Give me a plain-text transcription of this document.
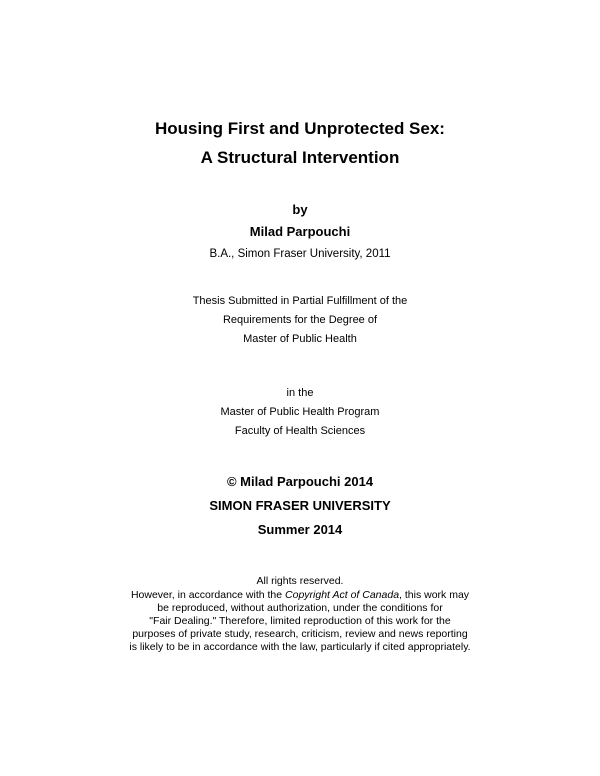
Housing First and Unprotected Sex:
A Structural Intervention
by
Milad Parpouchi
B.A., Simon Fraser University, 2011
Thesis Submitted in Partial Fulfillment of the
Requirements for the Degree of
Master of Public Health
in the
Master of Public Health Program
Faculty of Health Sciences
© Milad Parpouchi 2014
SIMON FRASER UNIVERSITY
Summer 2014
All rights reserved.
However, in accordance with the Copyright Act of Canada, this work may
be reproduced, without authorization, under the conditions for
"Fair Dealing." Therefore, limited reproduction of this work for the
purposes of private study, research, criticism, review and news reporting
is likely to be in accordance with the law, particularly if cited appropriately.
